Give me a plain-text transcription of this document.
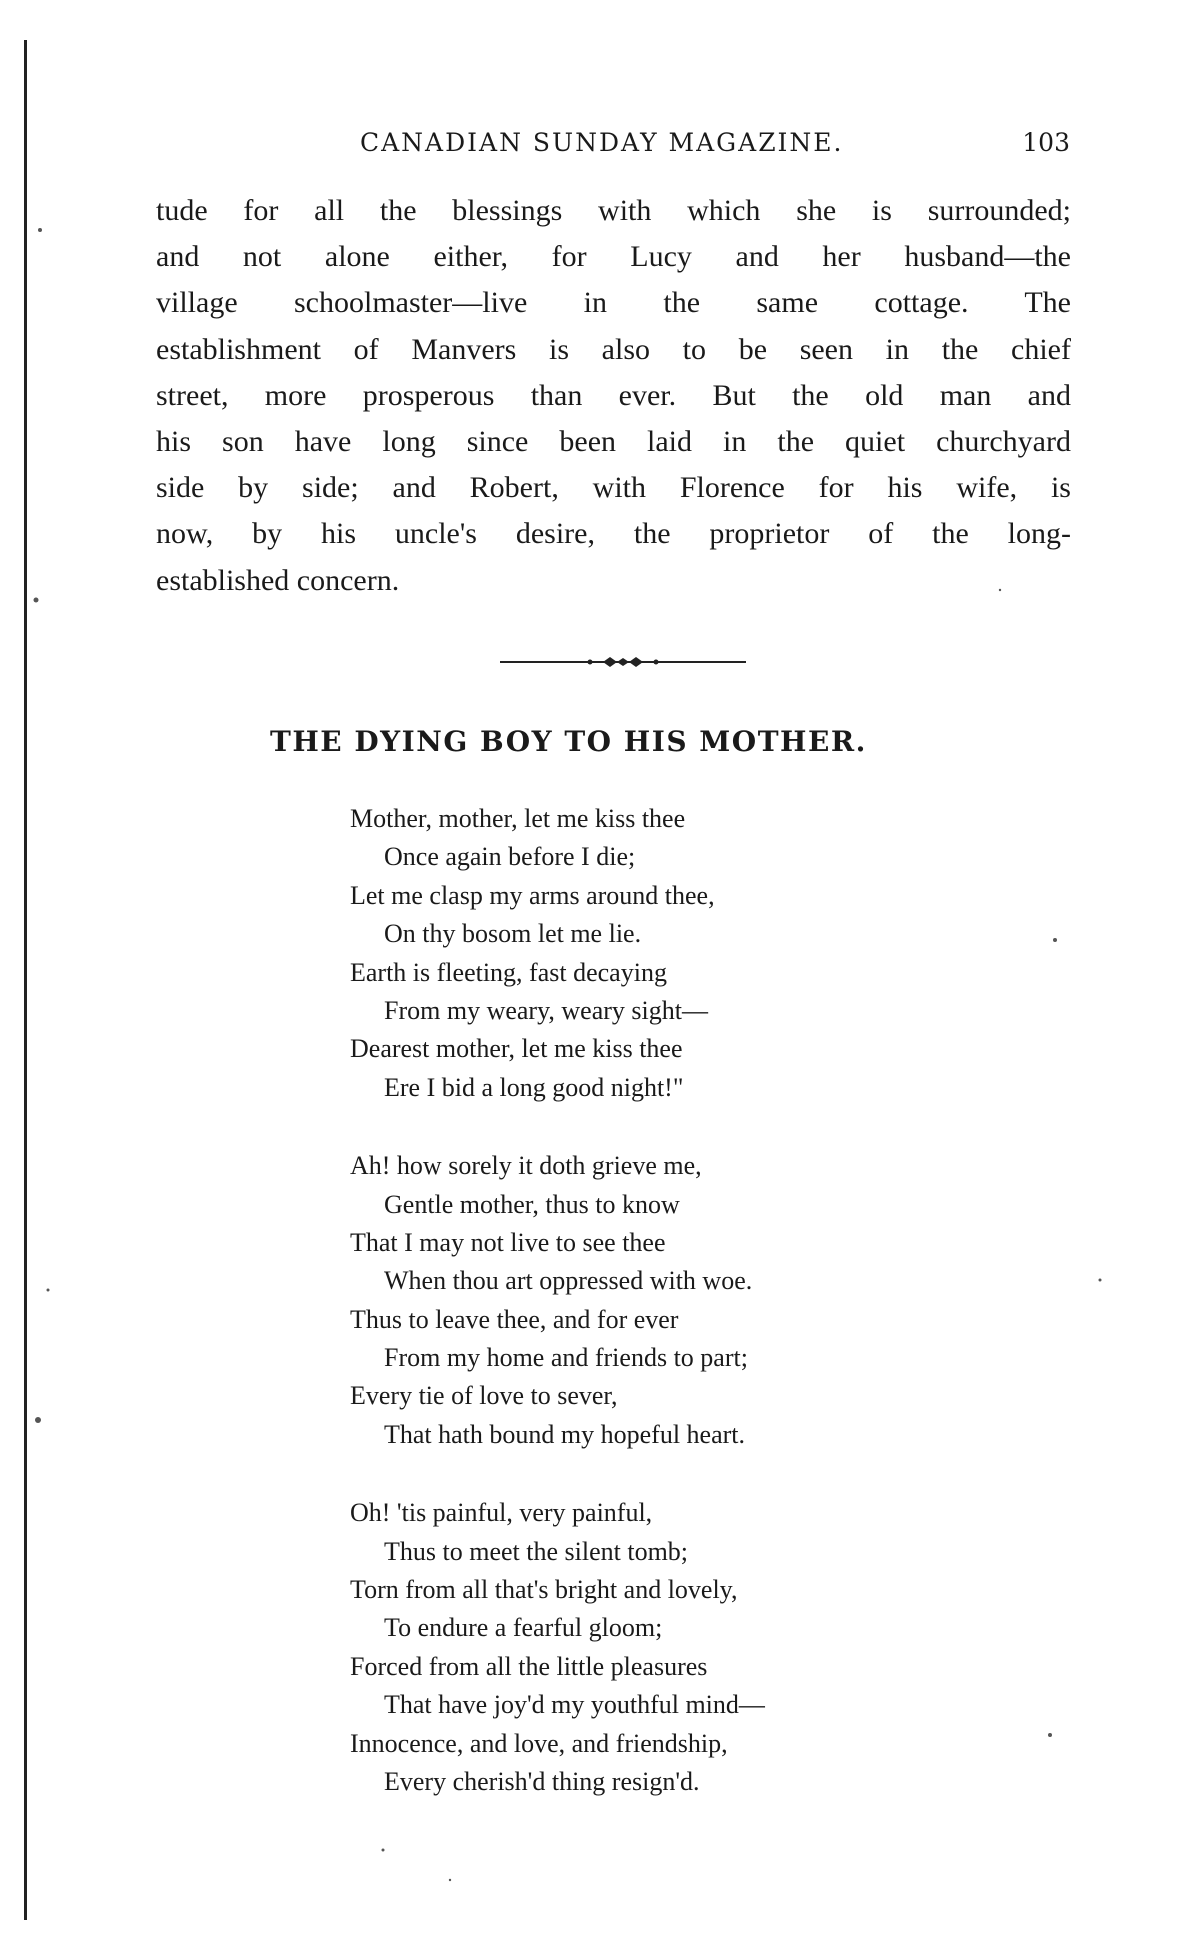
CANADIAN SUNDAY MAGAZINE.	103
tude for all the blessings with which she is surrounded;
and not alone either, for Lucy and her husband—the
village schoolmaster—live in the same cottage. The
establishment of Manvers is also to be seen in the chief
street, more prosperous than ever. But the old man and
his son have long since been laid in the quiet churchyard
side by side; and Robert, with Florence for his wife, is
now, by his uncle's desire, the proprietor of the long-
established concern.
THE DYING BOY TO HIS MOTHER.
Mother, mother, let me kiss thee
Once again before I die;
Let me clasp my arms around thee,
On thy bosom let me lie.
Earth is fleeting, fast decaying
From my weary, weary sight—
Dearest mother, let me kiss thee
Ere I bid a long good night!"
Ah! how sorely it doth grieve me,
Gentle mother, thus to know
That I may not live to see thee
When thou art oppressed with woe.
Thus to leave thee, and for ever
From my home and friends to part;
Every tie of love to sever,
That hath bound my hopeful heart.
Oh! 'tis painful, very painful,
Thus to meet the silent tomb;
Torn from all that's bright and lovely,
To endure a fearful gloom;
Forced from all the little pleasures
That have joy'd my youthful mind—
Innocence, and love, and friendship,
Every cherish'd thing resign'd.
